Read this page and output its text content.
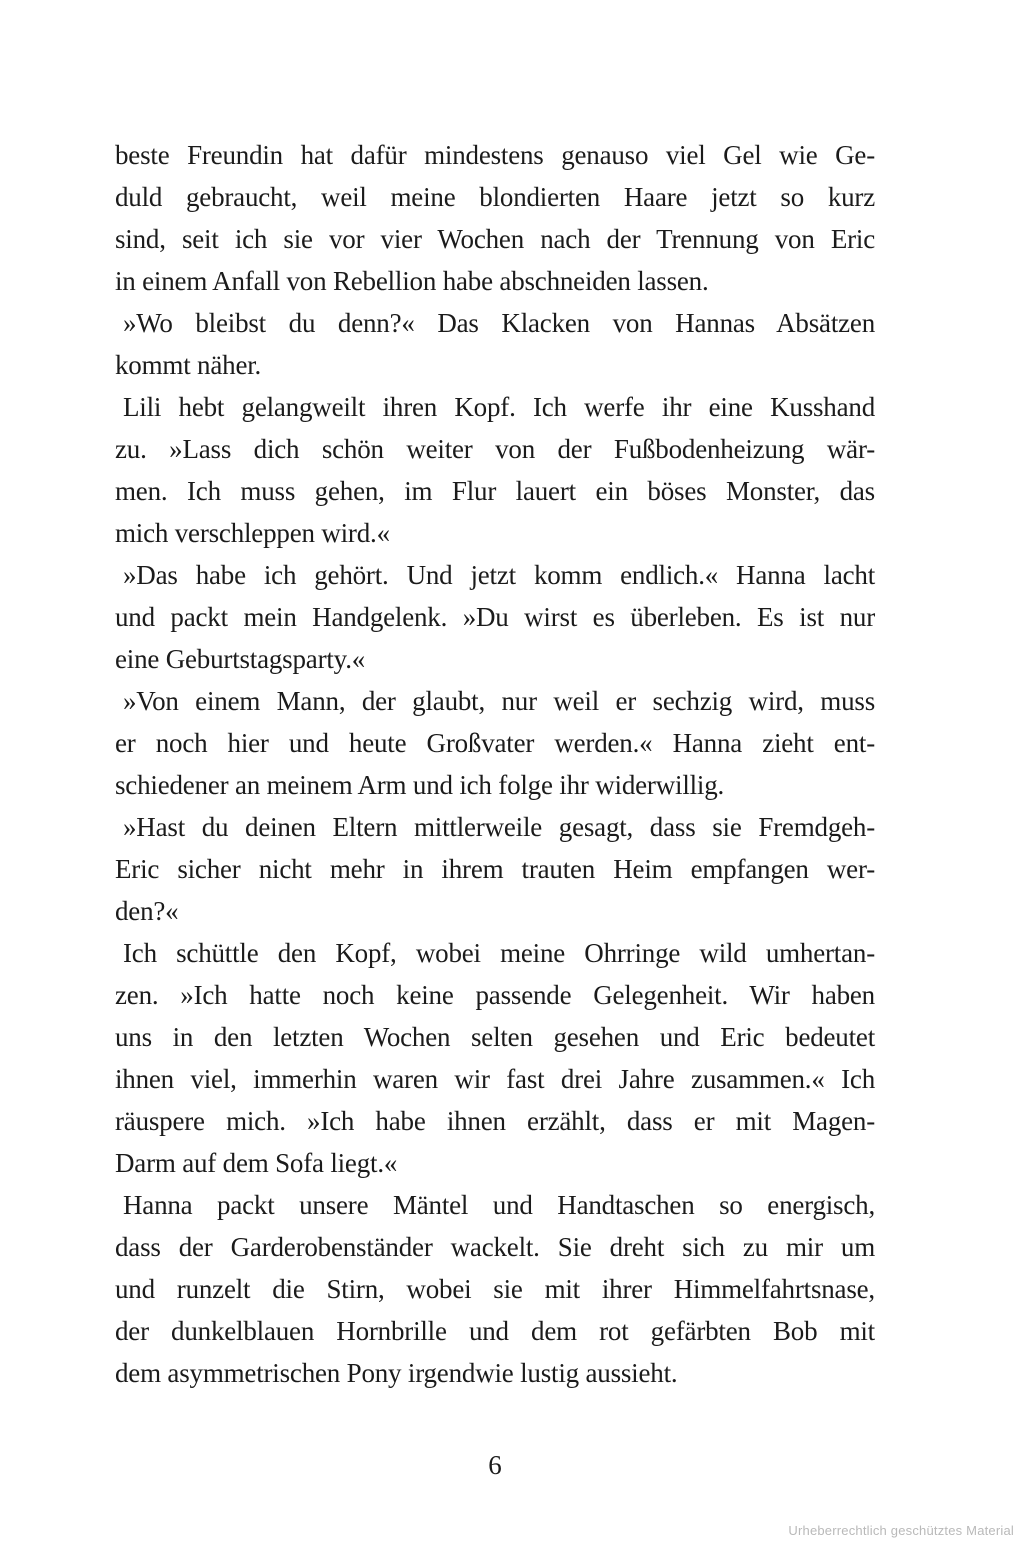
beste Freundin hat dafür mindestens genauso viel Gel wie Ge-
duld gebraucht, weil meine blondierten Haare jetzt so kurz
sind, seit ich sie vor vier Wochen nach der Trennung von Eric
in einem Anfall von Rebellion habe abschneiden lassen.

»Wo bleibst du denn?« Das Klacken von Hannas Absätzen
kommt näher.

Lili hebt gelangweilt ihren Kopf. Ich werfe ihr eine Kusshand
zu. »Lass dich schön weiter von der Fußbodenheizung wär-
men. Ich muss gehen, im Flur lauert ein böses Monster, das
mich verschleppen wird.«

»Das habe ich gehört. Und jetzt komm endlich.« Hanna lacht
und packt mein Handgelenk. »Du wirst es überleben. Es ist nur
eine Geburtstagsparty.«

»Von einem Mann, der glaubt, nur weil er sechzig wird, muss
er noch hier und heute Großvater werden.« Hanna zieht ent-
schiedener an meinem Arm und ich folge ihr widerwillig.

»Hast du deinen Eltern mittlerweile gesagt, dass sie Fremdgeh-
Eric sicher nicht mehr in ihrem trauten Heim empfangen wer-
den?«

Ich schüttle den Kopf, wobei meine Ohrringe wild umhertan-
zen. »Ich hatte noch keine passende Gelegenheit. Wir haben
uns in den letzten Wochen selten gesehen und Eric bedeutet
ihnen viel, immerhin waren wir fast drei Jahre zusammen.« Ich
räuspere mich. »Ich habe ihnen erzählt, dass er mit Magen-
Darm auf dem Sofa liegt.«

Hanna packt unsere Mäntel und Handtaschen so energisch,
dass der Garderobenständer wackelt. Sie dreht sich zu mir um
und runzelt die Stirn, wobei sie mit ihrer Himmelfahrtsnase,
der dunkelblauen Hornbrille und dem rot gefärbten Bob mit
dem asymmetrischen Pony irgendwie lustig aussieht.

6
Urheberrechtlich geschütztes Material
